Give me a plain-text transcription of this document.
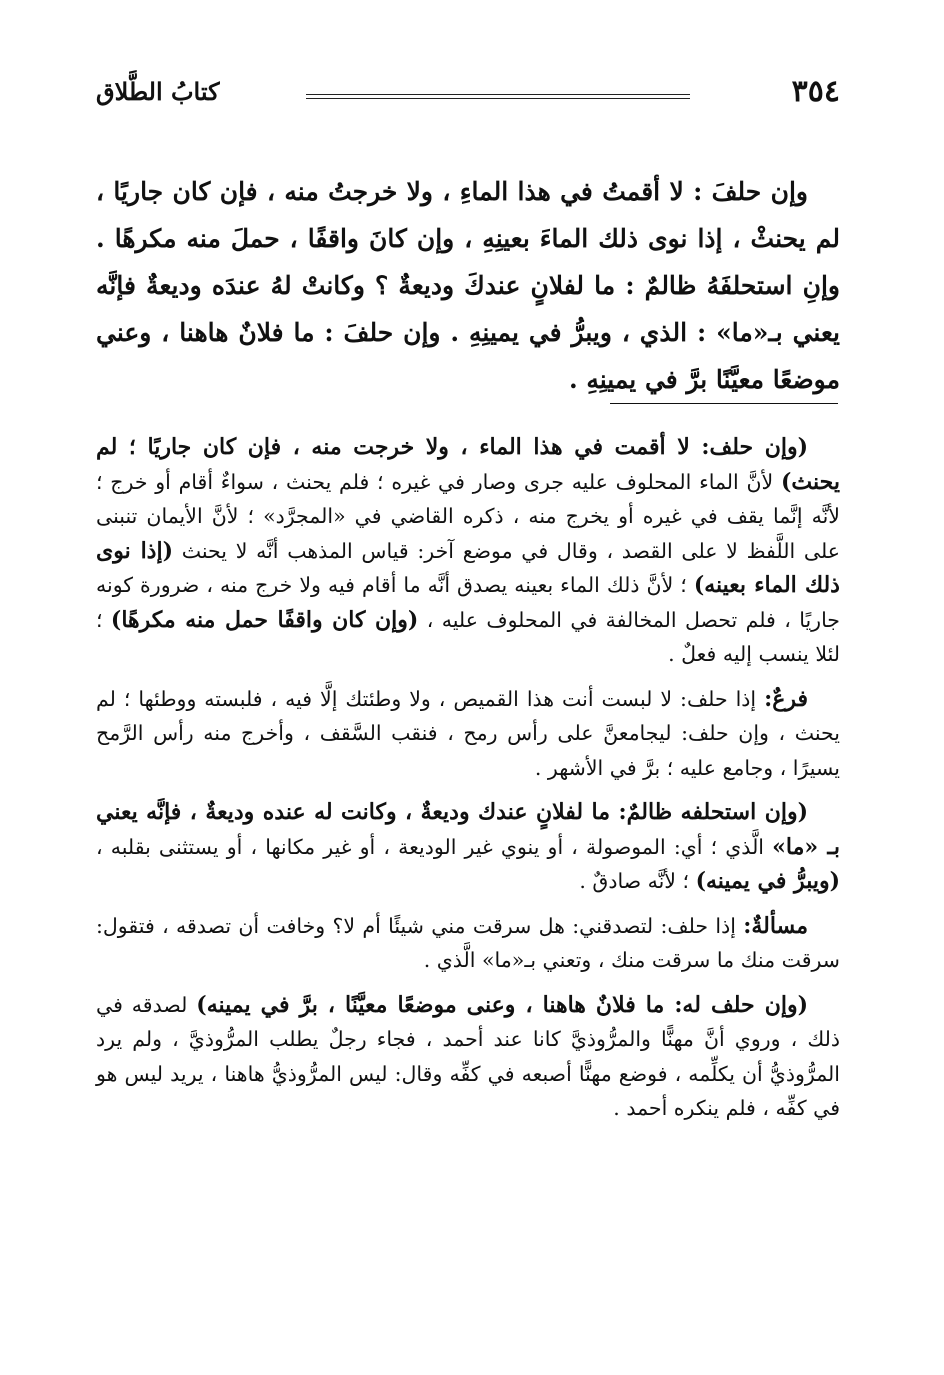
٣٥٤
كتابُ الطَّلاق

وإن حلفَ : لا أقمتُ في هذا الماءِ ، ولا خرجتُ منه ، فإن كان جاريًا ، لم يحنثْ ، إذا نوى ذلك الماءَ بعينِهِ ، وإن كانَ واقفًا ، حملَ منه مكرهًا . وإنِ استحلفَهُ ظالمٌ : ما لفلانٍ عندكَ وديعةٌ ؟ وكانتْ لهُ عندَه وديعةٌ فإنَّه يعني بـ«ما» : الذي ، ويبرُّ في يمينِهِ . وإن حلفَ : ما فلانٌ هاهنا ، وعني موضعًا معيَّنًا برَّ في يمينِهِ .

(وإن حلف: لا أقمت في هذا الماء ، ولا خرجت منه ، فإن كان جاريًا ؛ لم يحنث) لأنَّ الماء المحلوف عليه جرى وصار في غيره ؛ فلم يحنث ، سواءٌ أقام أو خرج ؛ لأنَّه إنَّما يقف في غيره أو يخرج منه ، ذكره القاضي في «المجرَّد» ؛ لأنَّ الأيمان تنبنى على اللَّفظ لا على القصد ، وقال في موضع آخر: قياس المذهب أنَّه لا يحنث (إذا نوى ذلك الماء بعينه) ؛ لأنَّ ذلك الماء بعينه يصدق أنَّه ما أقام فيه ولا خرج منه ، ضرورة كونه جاريًا ، فلم تحصل المخالفة في المحلوف عليه ، (وإن كان واقفًا حمل منه مكرهًا) ؛ لئلا ينسب إليه فعلٌ .

فرعٌ: إذا حلف: لا لبست أنت هذا القميص ، ولا وطئتك إلَّا فيه ، فلبسته ووطئها ؛ لم يحنث ، وإن حلف: ليجامعنَّ على رأس رمح ، فنقب السَّقف ، وأخرج منه رأس الرَّمح يسيرًا ، وجامع عليه ؛ برَّ في الأشهر .

(وإن استحلفه ظالمٌ: ما لفلانٍ عندك وديعةٌ ، وكانت له عنده وديعةٌ ، فإنَّه يعني بـ «ما» الَّذي ؛ أي: الموصولة ، أو ينوي غير الوديعة ، أو غير مكانها ، أو يستثنى بقلبه ، (ويبرُّ في يمينه) ؛ لأنَّه صادقٌ .

مسألةٌ: إذا حلف: لتصدقني: هل سرقت مني شيئًا أم لا؟ وخافت أن تصدقه ، فتقول: سرقت منك ما سرقت منك ، وتعني بـ«ما» الَّذي .

(وإن حلف له: ما فلانٌ هاهنا ، وعنى موضعًا معيَّنًا ، برَّ في يمينه) لصدقه في ذلك ، وروي أنَّ مهنًّا والمرُّوذيَّ كانا عند أحمد ، فجاء رجلٌ يطلب المرُّوذيَّ ، ولم يرد المرُّوذيُّ أن يكلِّمه ، فوضع مهنًّا أصبعه في كفِّه وقال: ليس المرُّوذيُّ هاهنا ، يريد ليس هو في كفِّه ، فلم ينكره أحمد .
